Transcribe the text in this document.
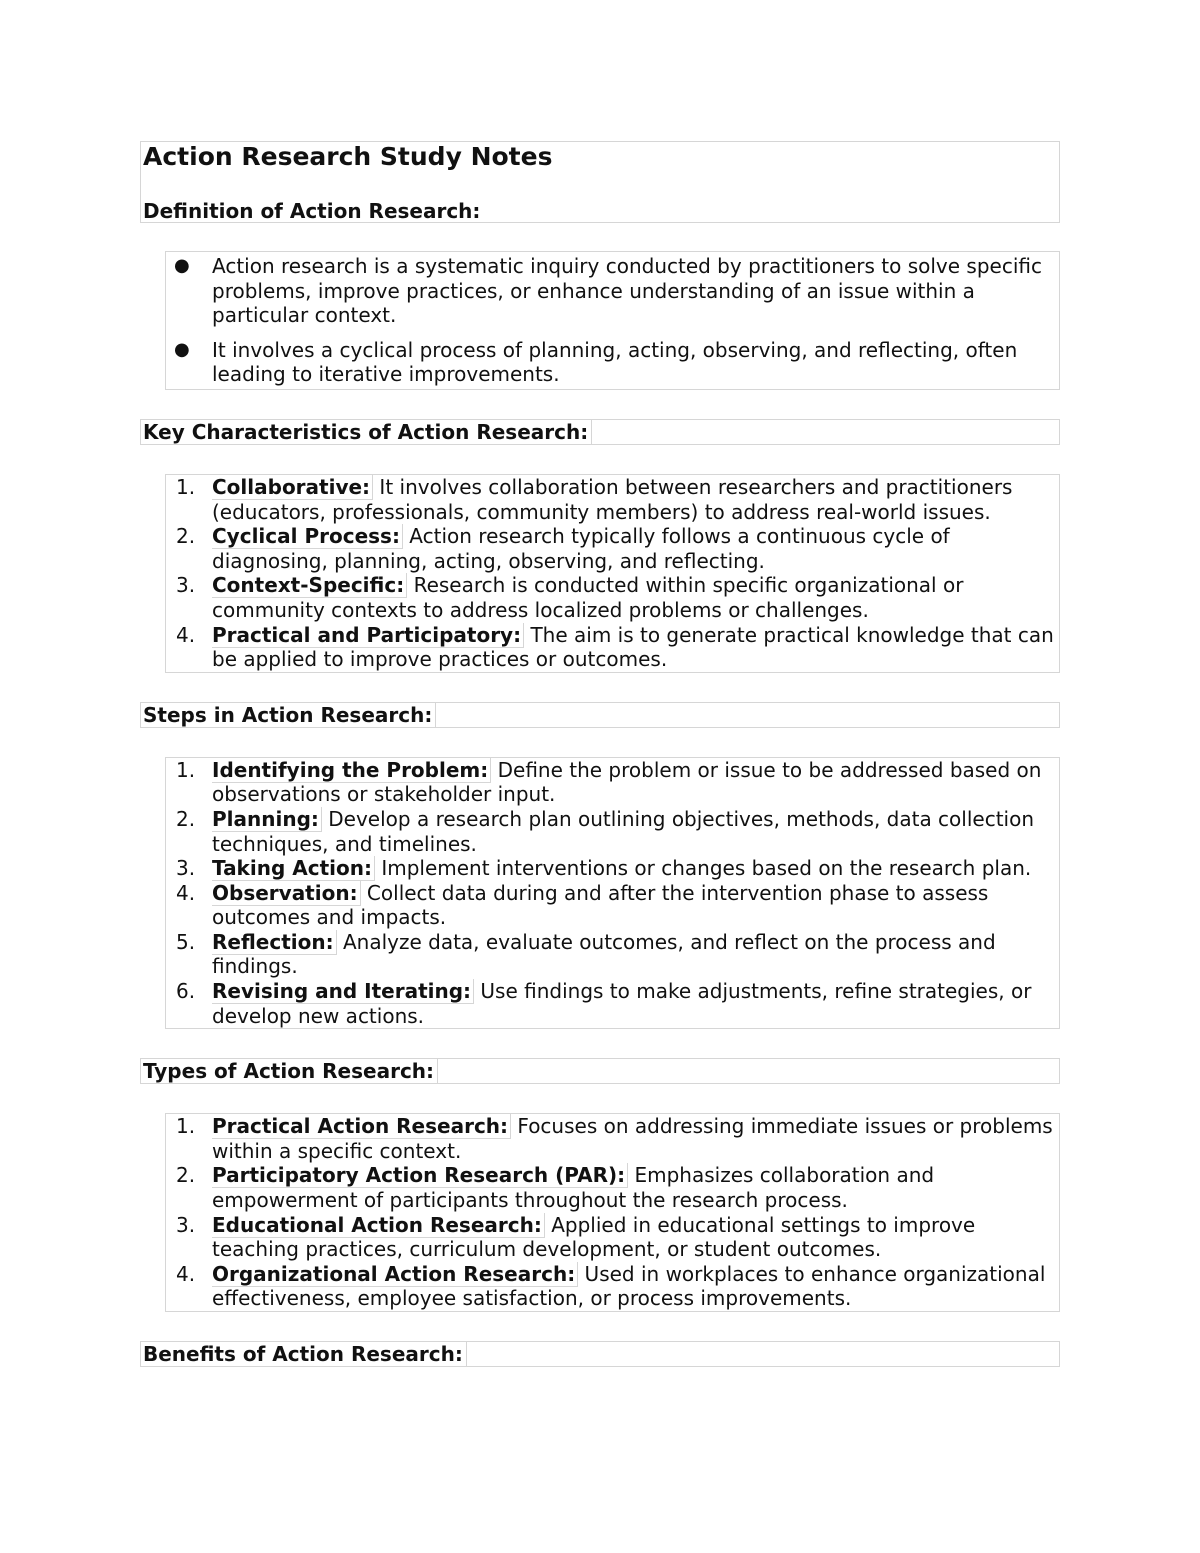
Action Research Study Notes
Definition of Action Research:
● Action research is a systematic inquiry conducted by practitioners to solve specific problems, improve practices, or enhance understanding of an issue within a particular context.
● It involves a cyclical process of planning, acting, observing, and reflecting, often leading to iterative improvements.
Key Characteristics of Action Research:
1. Collaborative: It involves collaboration between researchers and practitioners (educators, professionals, community members) to address real-world issues.
2. Cyclical Process: Action research typically follows a continuous cycle of diagnosing, planning, acting, observing, and reflecting.
3. Context-Specific: Research is conducted within specific organizational or community contexts to address localized problems or challenges.
4. Practical and Participatory: The aim is to generate practical knowledge that can be applied to improve practices or outcomes.
Steps in Action Research:
1. Identifying the Problem: Define the problem or issue to be addressed based on observations or stakeholder input.
2. Planning: Develop a research plan outlining objectives, methods, data collection techniques, and timelines.
3. Taking Action: Implement interventions or changes based on the research plan.
4. Observation: Collect data during and after the intervention phase to assess outcomes and impacts.
5. Reflection: Analyze data, evaluate outcomes, and reflect on the process and findings.
6. Revising and Iterating: Use findings to make adjustments, refine strategies, or develop new actions.
Types of Action Research:
1. Practical Action Research: Focuses on addressing immediate issues or problems within a specific context.
2. Participatory Action Research (PAR): Emphasizes collaboration and empowerment of participants throughout the research process.
3. Educational Action Research: Applied in educational settings to improve teaching practices, curriculum development, or student outcomes.
4. Organizational Action Research: Used in workplaces to enhance organizational effectiveness, employee satisfaction, or process improvements.
Benefits of Action Research:
